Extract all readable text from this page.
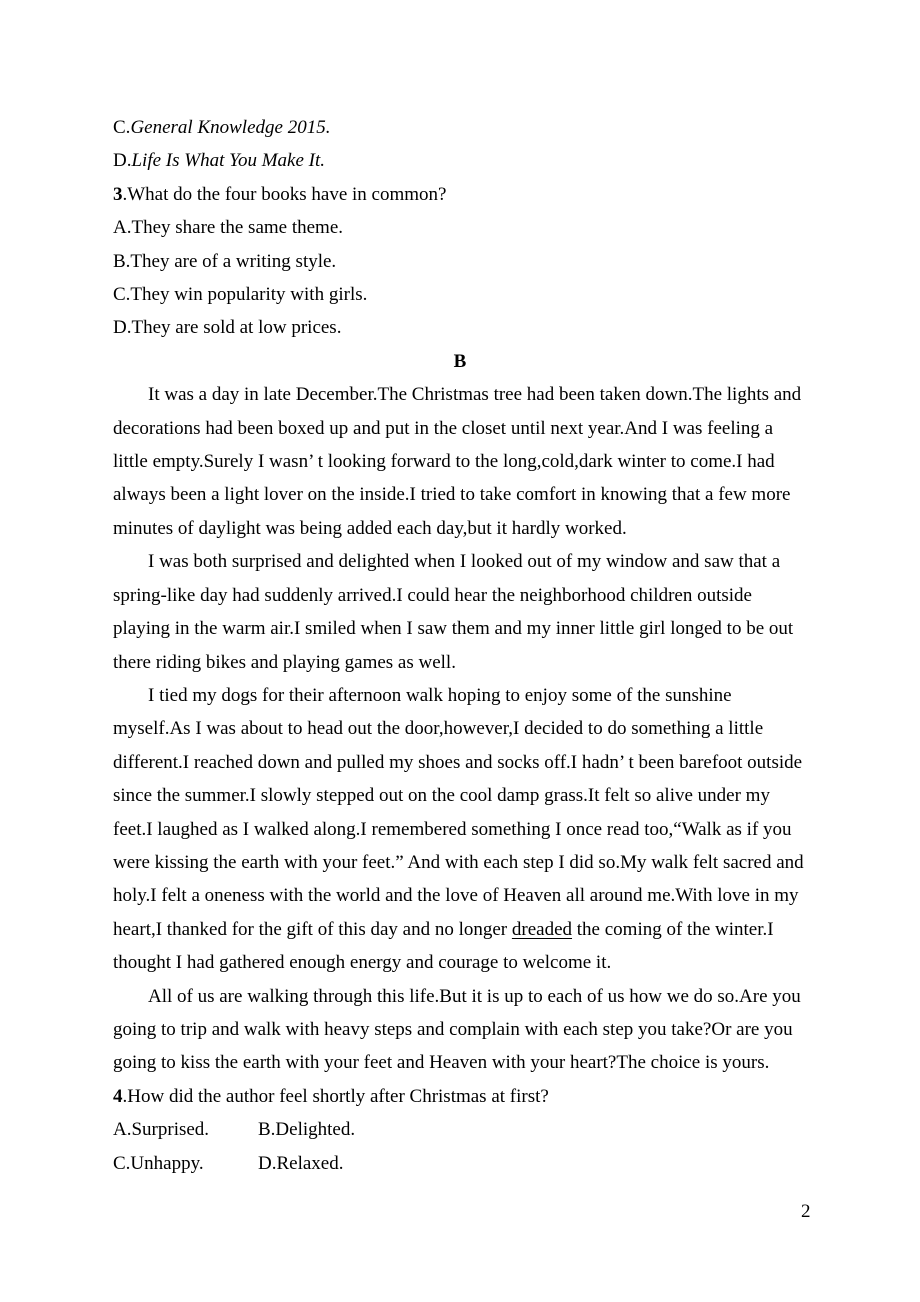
C.General Knowledge 2015.
D.Life Is What You Make It.
3.What do the four books have in common?
A.They share the same theme.
B.They are of a writing style.
C.They win popularity with girls.
D.They are sold at low prices.
B

It was a day in late December.The Christmas tree had been taken down.The lights and decorations had been boxed up and put in the closet until next year.And I was feeling a little empty.Surely I wasn’ t looking forward to the long,cold,dark winter to come.I had always been a light lover on the inside.I tried to take comfort in knowing that a few more minutes of daylight was being added each day,but it hardly worked.

I was both surprised and delighted when I looked out of my window and saw that a spring-like day had suddenly arrived.I could hear the neighborhood children outside playing in the warm air.I smiled when I saw them and my inner little girl longed to be out there riding bikes and playing games as well.

I tied my dogs for their afternoon walk hoping to enjoy some of the sunshine myself.As I was about to head out the door,however,I decided to do something a little different.I reached down and pulled my shoes and socks off.I hadn’ t been barefoot outside since the summer.I slowly stepped out on the cool damp grass.It felt so alive under my feet.I laughed as I walked along.I remembered something I once read too,“Walk as if you were kissing the earth with your feet.” And with each step I did so.My walk felt sacred and holy.I felt a oneness with the world and the love of Heaven all around me.With love in my heart,I thanked for the gift of this day and no longer dreaded the coming of the winter.I thought I had gathered enough energy and courage to welcome it.

All of us are walking through this life.But it is up to each of us how we do so.Are you going to trip and walk with heavy steps and complain with each step you take?Or are you going to kiss the earth with your feet and Heaven with your heart?The choice is yours.

4.How did the author feel shortly after Christmas at first?
A.Surprised.	B.Delighted.
C.Unhappy.	D.Relaxed.
2
